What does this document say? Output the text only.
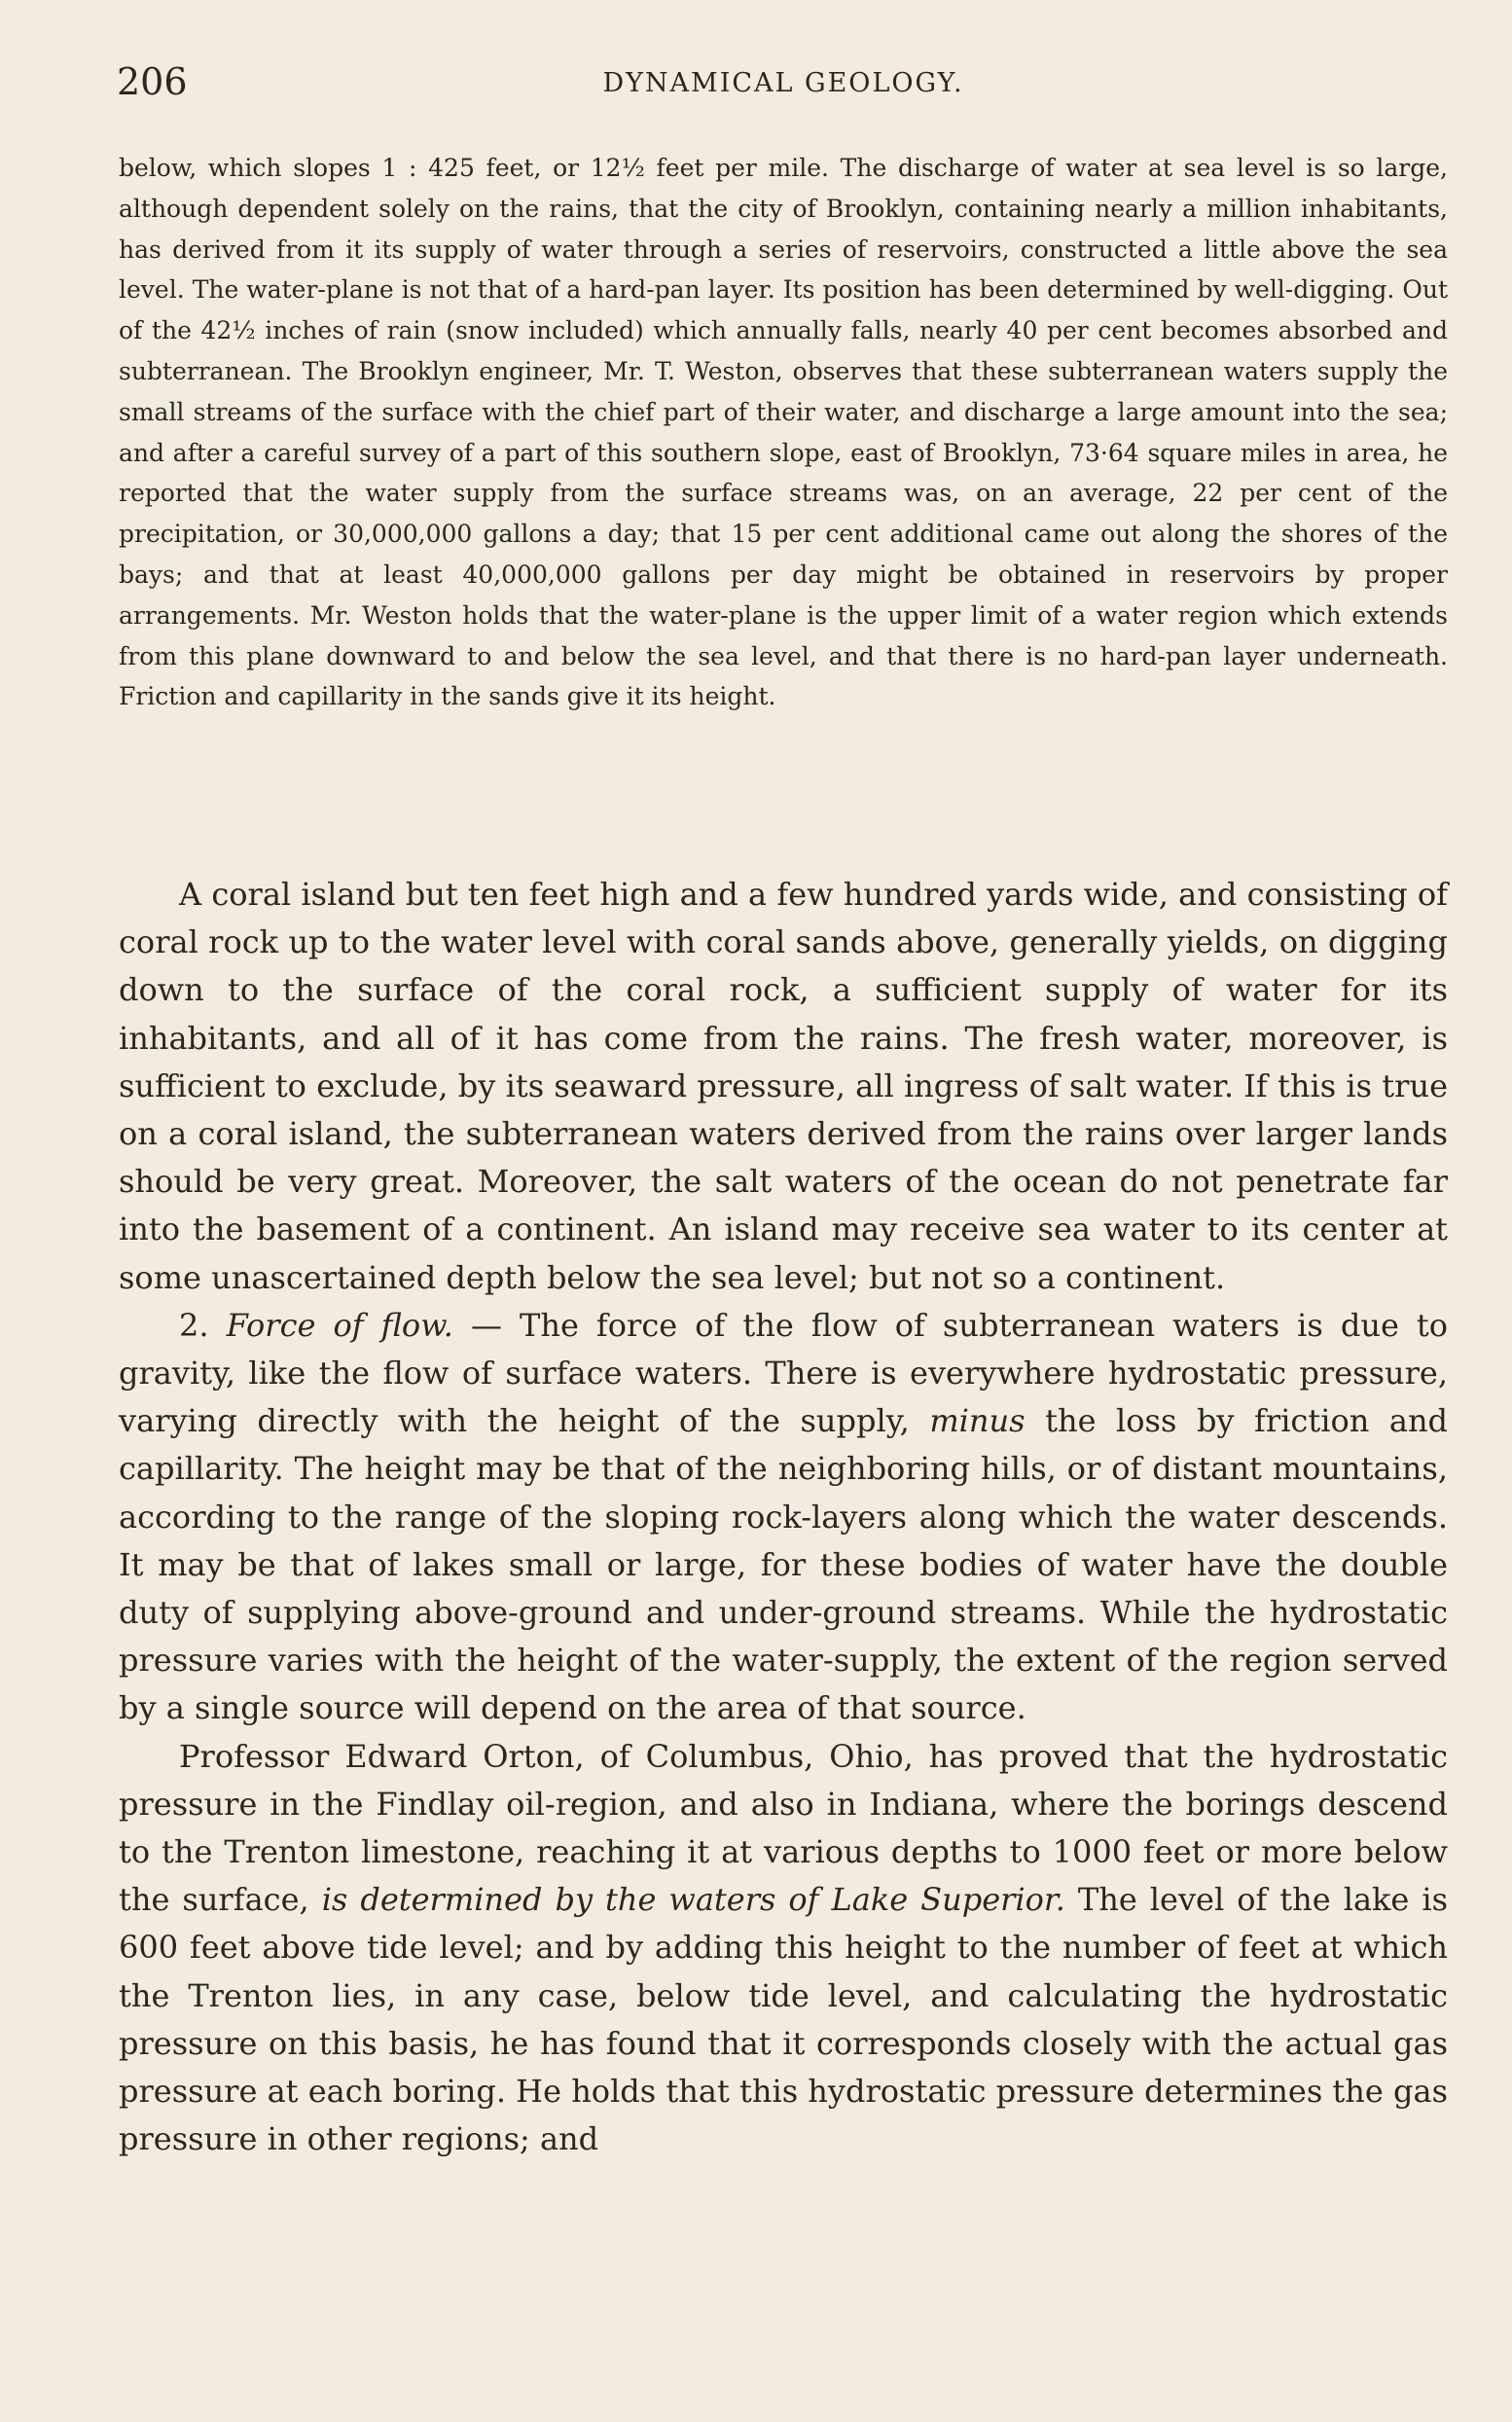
206	DYNAMICAL GEOLOGY.

below, which slopes 1 : 425 feet, or 12½ feet per mile. The discharge of water at sea level is so large, although dependent solely on the rains, that the city of Brooklyn, containing nearly a million inhabitants, has derived from it its supply of water through a series of reservoirs, constructed a little above the sea level. The water-plane is not that of a hard-pan layer. Its position has been determined by well-digging. Out of the 42½ inches of rain (snow included) which annually falls, nearly 40 per cent becomes absorbed and subterranean. The Brooklyn engineer, Mr. T. Weston, observes that these subterranean waters supply the small streams of the surface with the chief part of their water, and discharge a large amount into the sea; and after a careful survey of a part of this southern slope, east of Brooklyn, 73·64 square miles in area, he reported that the water supply from the surface streams was, on an average, 22 per cent of the precipitation, or 30,000,000 gallons a day; that 15 per cent additional came out along the shores of the bays; and that at least 40,000,000 gallons per day might be obtained in reservoirs by proper arrangements. Mr. Weston holds that the water-plane is the upper limit of a water region which extends from this plane downward to and below the sea level, and that there is no hard-pan layer underneath. Friction and capillarity in the sands give it its height.

A coral island but ten feet high and a few hundred yards wide, and consisting of coral rock up to the water level with coral sands above, generally yields, on digging down to the surface of the coral rock, a sufficient supply of water for its inhabitants, and all of it has come from the rains. The fresh water, moreover, is sufficient to exclude, by its seaward pressure, all ingress of salt water. If this is true on a coral island, the subterranean waters derived from the rains over larger lands should be very great. Moreover, the salt waters of the ocean do not penetrate far into the basement of a continent. An island may receive sea water to its center at some unascertained depth below the sea level; but not so a continent.

2. Force of flow. — The force of the flow of subterranean waters is due to gravity, like the flow of surface waters. There is everywhere hydrostatic pressure, varying directly with the height of the supply, minus the loss by friction and capillarity. The height may be that of the neighboring hills, or of distant mountains, according to the range of the sloping rock-layers along which the water descends. It may be that of lakes small or large, for these bodies of water have the double duty of supplying above-ground and under-ground streams. While the hydrostatic pressure varies with the height of the water-supply, the extent of the region served by a single source will depend on the area of that source.

Professor Edward Orton, of Columbus, Ohio, has proved that the hydrostatic pressure in the Findlay oil-region, and also in Indiana, where the borings descend to the Trenton limestone, reaching it at various depths to 1000 feet or more below the surface, is determined by the waters of Lake Superior. The level of the lake is 600 feet above tide level; and by adding this height to the number of feet at which the Trenton lies, in any case, below tide level, and calculating the hydrostatic pressure on this basis, he has found that it corresponds closely with the actual gas pressure at each boring. He holds that this hydrostatic pressure determines the gas pressure in other regions; and
